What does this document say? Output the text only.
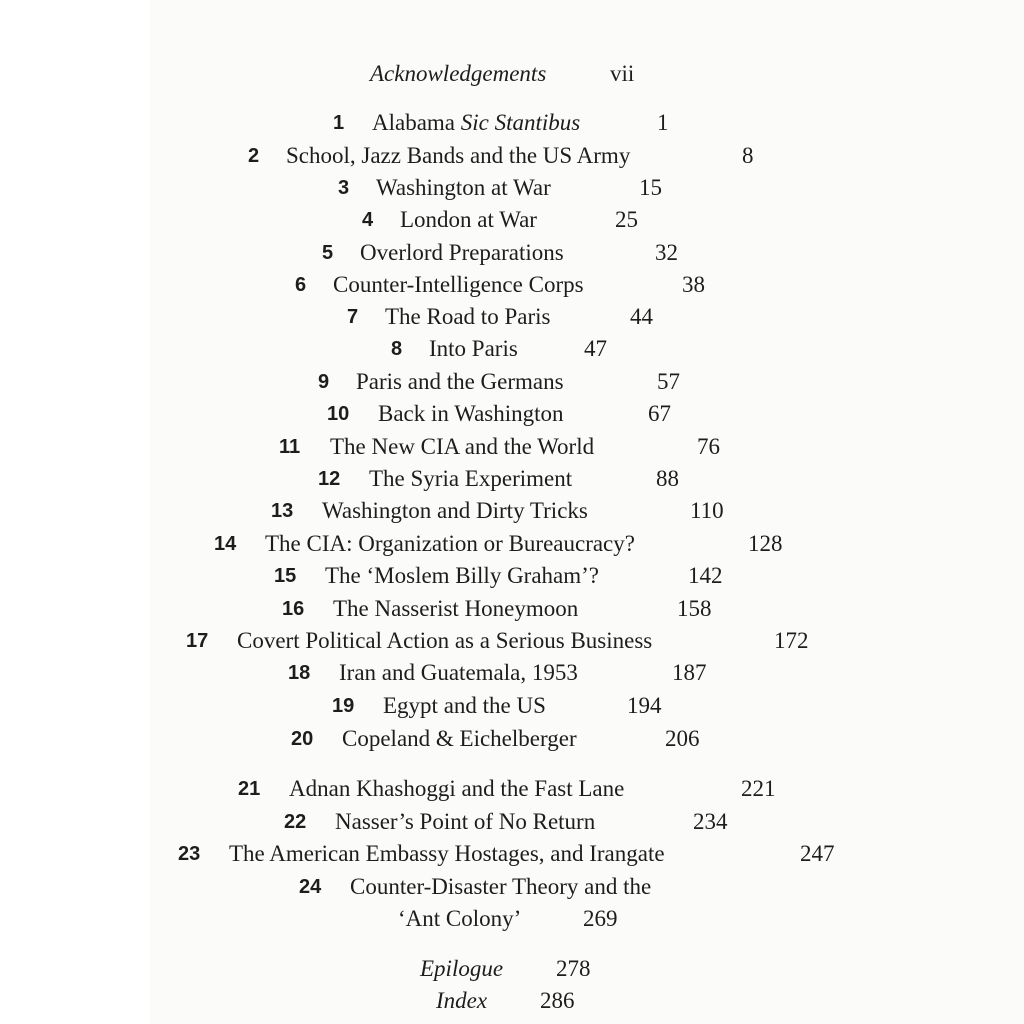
Acknowledgements	vii
1 Alabama Sic Stantibus	1
2 School, Jazz Bands and the US Army	8
3 Washington at War	15
4 London at War	25
5 Overlord Preparations	32
6 Counter-Intelligence Corps	38
7 The Road to Paris	44
8 Into Paris	47
9 Paris and the Germans	57
10 Back in Washington	67
11 The New CIA and the World	76
12 The Syria Experiment	88
13 Washington and Dirty Tricks	110
14 The CIA: Organization or Bureaucracy?	128
15 The ‘Moslem Billy Graham’?	142
16 The Nasserist Honeymoon	158
17 Covert Political Action as a Serious Business	172
18 Iran and Guatemala, 1953	187
19 Egypt and the US	194
20 Copeland & Eichelberger	206
21 Adnan Khashoggi and the Fast Lane	221
22 Nasser’s Point of No Return	234
23 The American Embassy Hostages, and Irangate	247
24 Counter-Disaster Theory and the
‘Ant Colony’	269
Epilogue 278
Index 286
